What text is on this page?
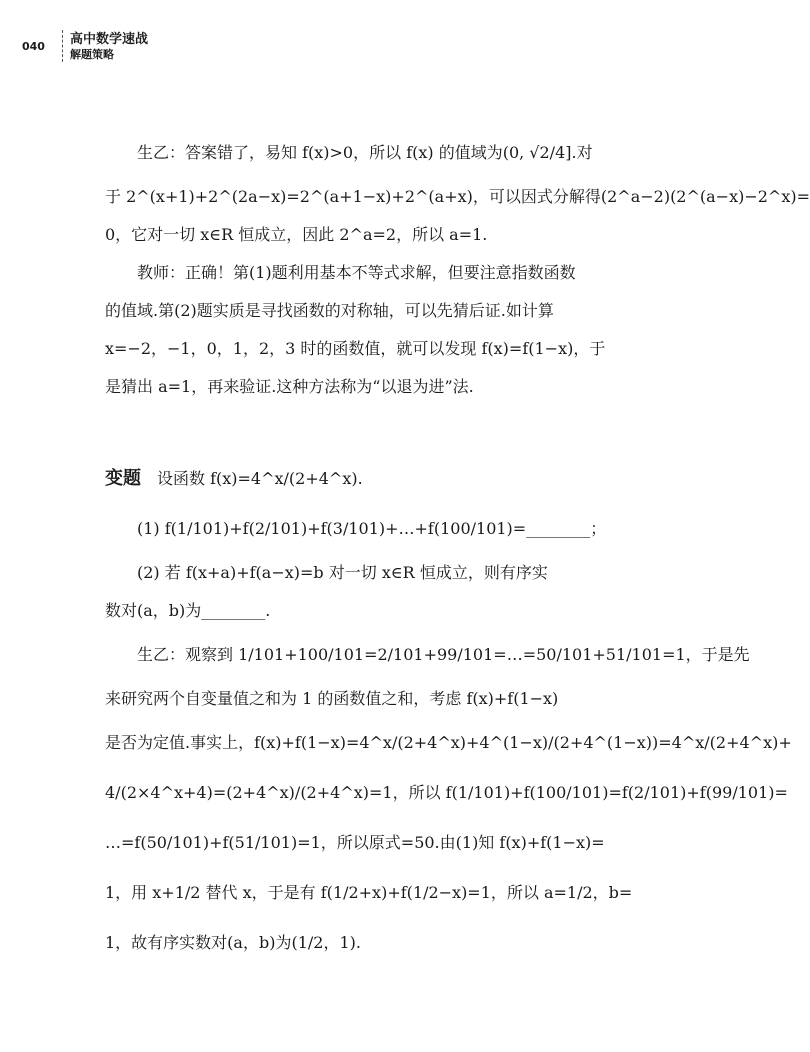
040 高中数学速战
解题策略
生乙：答案错了，易知 f(x)>0，所以 f(x) 的值域为(0, √2/4].对
于 2^(x+1)+2^(2a−x)=2^(a+1−x)+2^(a+x)，可以因式分解得(2^a−2)(2^(a−x)−2^x)=
0，它对一切 x∈R 恒成立，因此 2^a=2，所以 a=1.
教师：正确！第(1)题利用基本不等式求解，但要注意指数函数
的值域.第(2)题实质是寻找函数的对称轴，可以先猜后证.如计算
x=−2，−1，0，1，2，3 时的函数值，就可以发现 f(x)=f(1−x)，于
是猜出 a=1，再来验证.这种方法称为“以退为进”法.
变题 设函数 f(x)=4^x/(2+4^x).
(1) f(1/101)+f(2/101)+f(3/101)+…+f(100/101)=________；
(2) 若 f(x+a)+f(a−x)=b 对一切 x∈R 恒成立，则有序实
数对(a，b)为________.
生乙：观察到 1/101+100/101=2/101+99/101=…=50/101+51/101=1，于是先
来研究两个自变量值之和为 1 的函数值之和，考虑 f(x)+f(1−x)
是否为定值.事实上，f(x)+f(1−x)=4^x/(2+4^x)+4^(1−x)/(2+4^(1−x))=4^x/(2+4^x)+
4/(2×4^x+4)=(2+4^x)/(2+4^x)=1，所以 f(1/101)+f(100/101)=f(2/101)+f(99/101)=
…=f(50/101)+f(51/101)=1，所以原式=50.由(1)知 f(x)+f(1−x)=
1，用 x+1/2 替代 x，于是有 f(1/2+x)+f(1/2−x)=1，所以 a=1/2，b=
1，故有序实数对(a，b)为(1/2，1).
